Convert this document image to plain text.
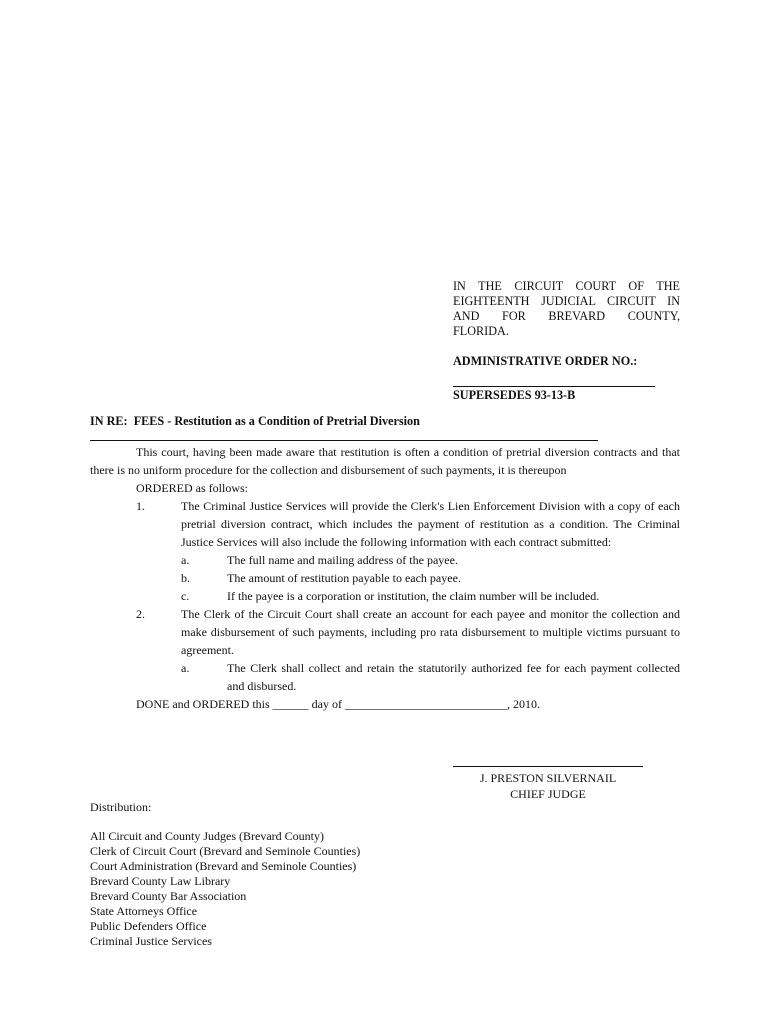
IN THE CIRCUIT COURT OF THE
EIGHTEENTH JUDICIAL CIRCUIT IN
AND FOR BREVARD COUNTY,
FLORIDA.
ADMINISTRATIVE ORDER NO.:
SUPERSEDES 93-13-B
IN RE: FEES - Restitution as a Condition of Pretrial Diversion

This court, having been made aware that restitution is often a condition of pretrial diversion contracts and that there is no uniform procedure for the collection and disbursement of such payments, it is thereupon

ORDERED as follows:
1.	The Criminal Justice Services will provide the Clerk's Lien Enforcement Division with a copy of each pretrial diversion contract, which includes the payment of restitution as a condition. The Criminal Justice Services will also include the following information with each contract submitted:
a.	The full name and mailing address of the payee.
b.	The amount of restitution payable to each payee.
c.	If the payee is a corporation or institution, the claim number will be included.
2.	The Clerk of the Circuit Court shall create an account for each payee and monitor the collection and make disbursement of such payments, including pro rata disbursement to multiple victims pursuant to agreement.
a.	The Clerk shall collect and retain the statutorily authorized fee for each payment collected and disbursed.
DONE and ORDERED this ______ day of ___________________________, 2010.
J. PRESTON SILVERNAIL
CHIEF JUDGE
Distribution:
All Circuit and County Judges (Brevard County)
Clerk of Circuit Court (Brevard and Seminole Counties)
Court Administration (Brevard and Seminole Counties)
Brevard County Law Library
Brevard County Bar Association
State Attorneys Office
Public Defenders Office
Criminal Justice Services
